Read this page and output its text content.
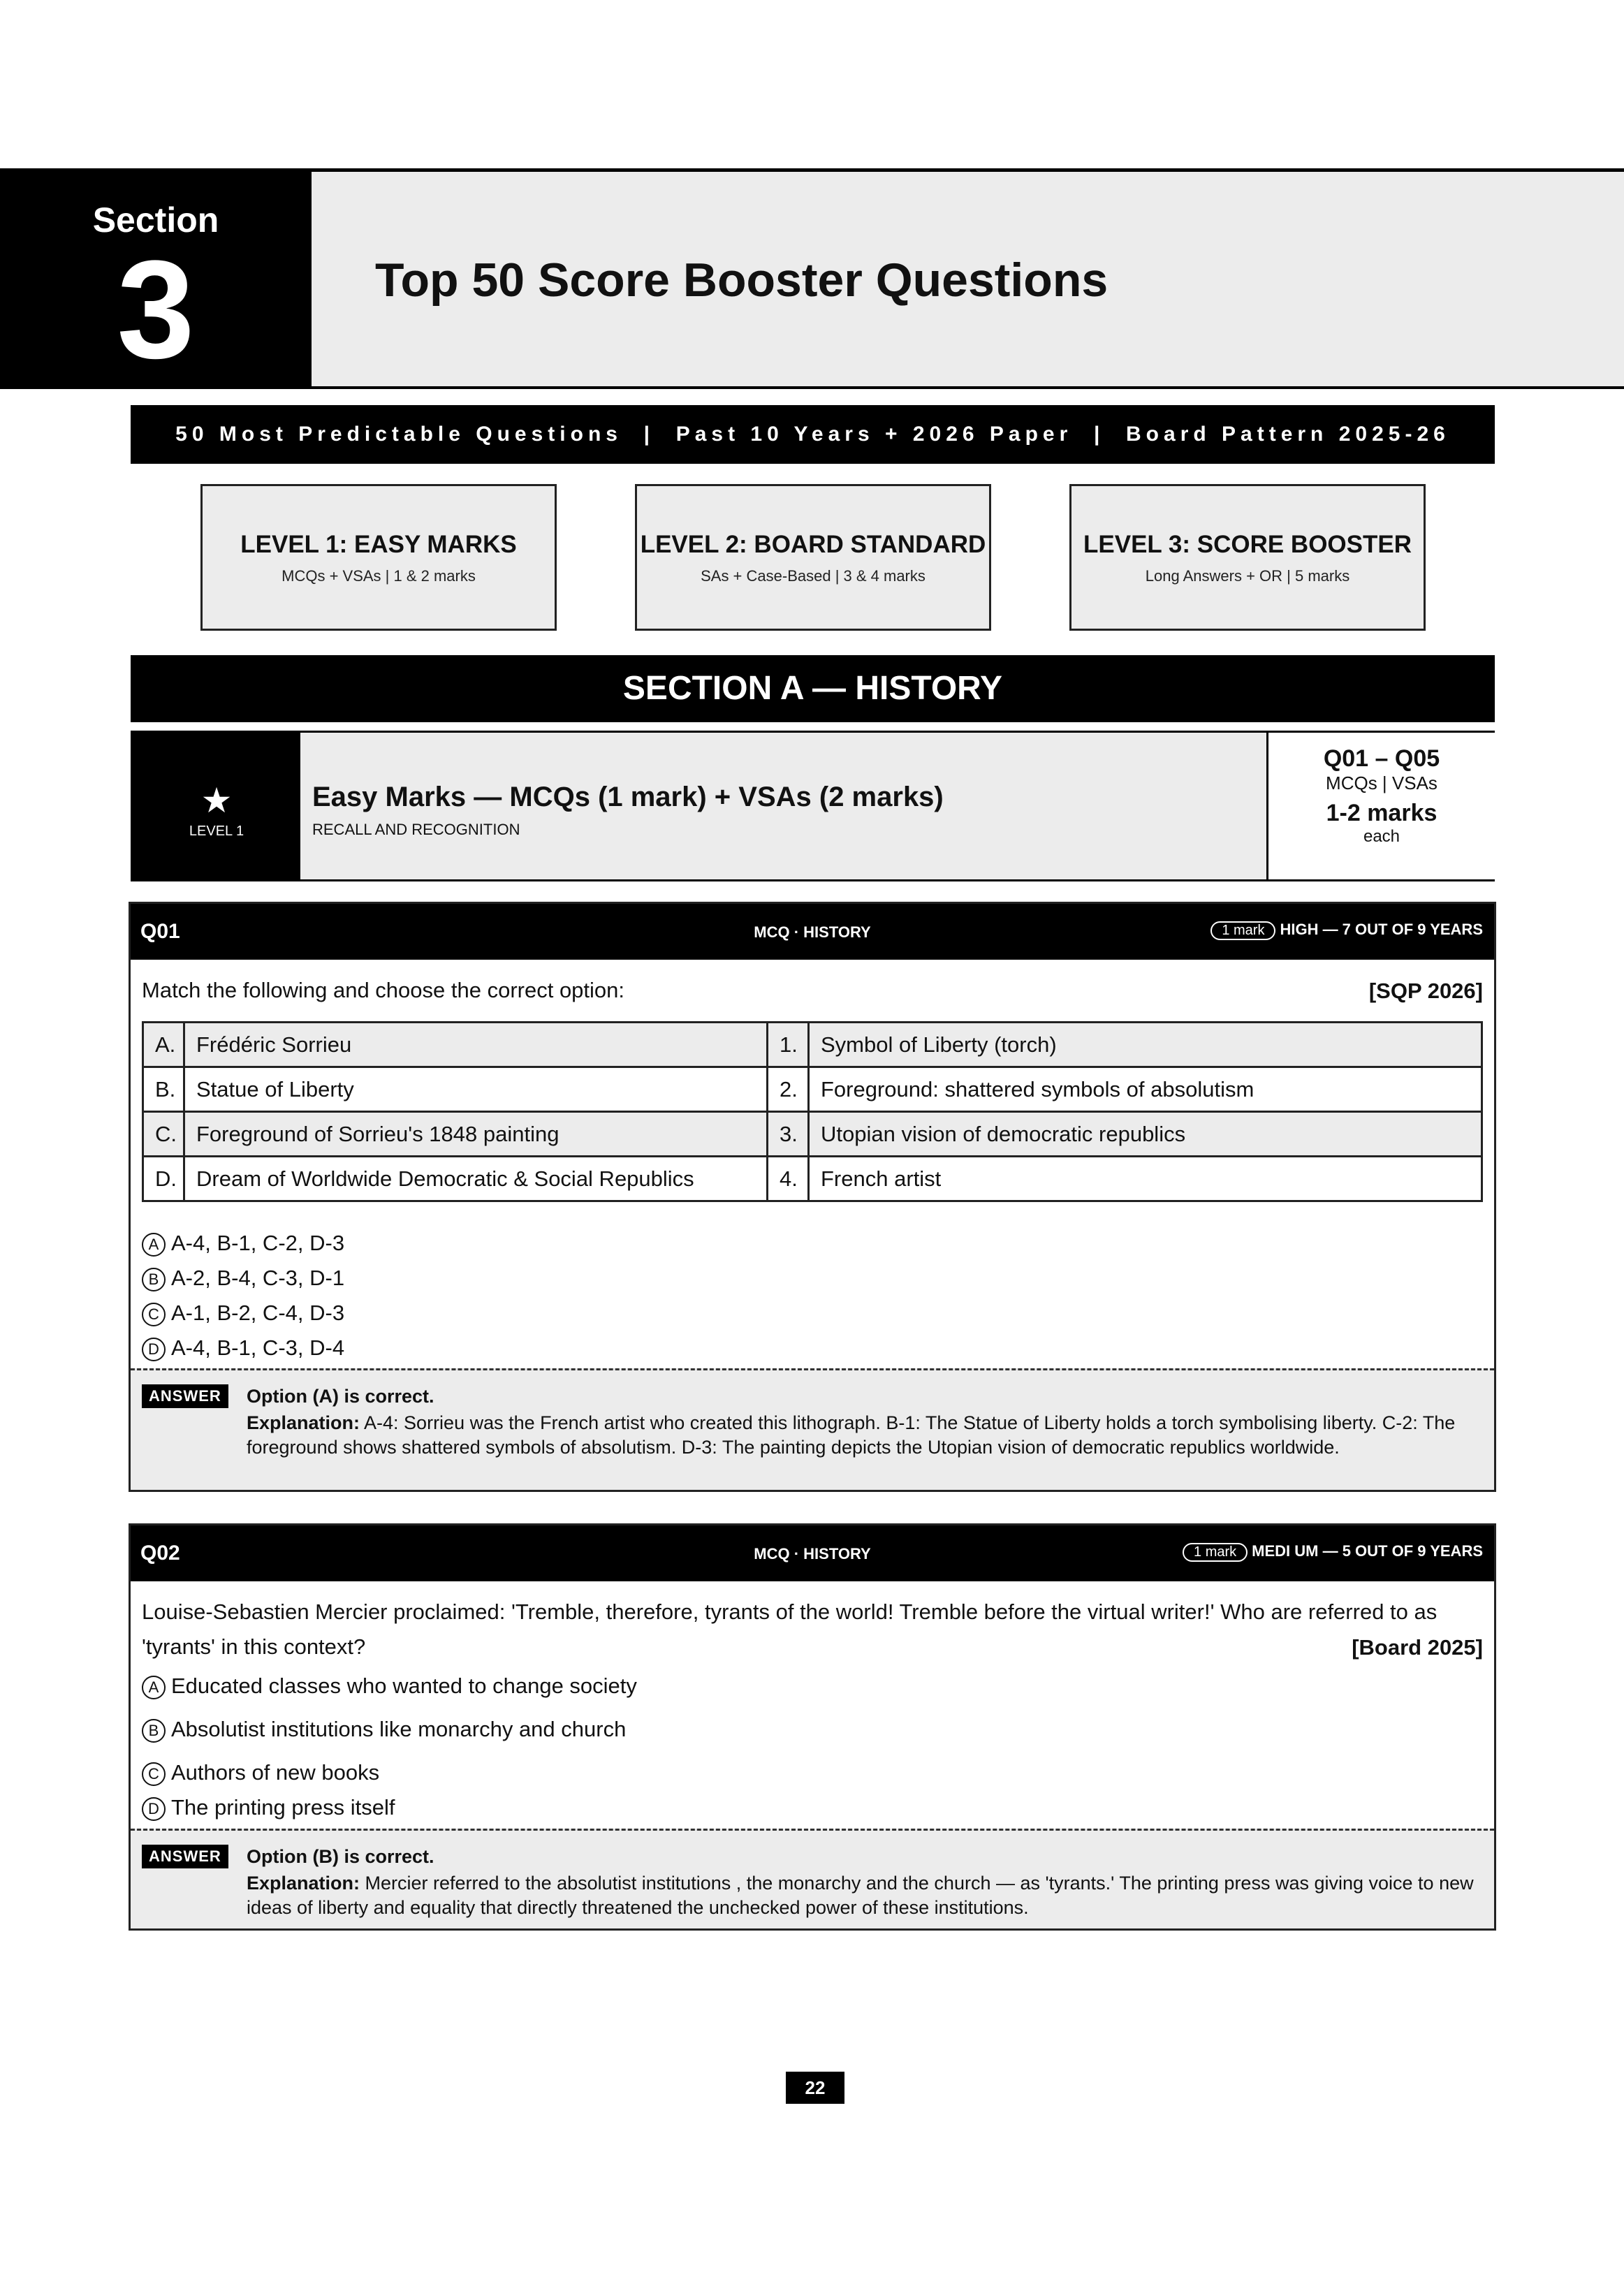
Section
3	Top 50 Score Booster Questions
50 Most Predictable Questions  |  Past 10 Years + 2026 Paper  |  Board Pattern 2025-26
LEVEL 1: EASY MARKS
MCQs + VSAs | 1 & 2 marks
LEVEL 2: BOARD STANDARD
SAs + Case-Based | 3 & 4 marks
LEVEL 3: SCORE BOOSTER
Long Answers + OR | 5 marks
SECTION A — HISTORY
★
LEVEL 1
Easy Marks — MCQs (1 mark) + VSAs (2 marks)
RECALL AND RECOGNITION
Q01 – Q05
MCQs | VSAs
1-2 marks
each
Q01	MCQ · HISTORY	1 mark HIGH — 7 OUT OF 9 YEARS
Match the following and choose the correct option:	[SQP 2026]
A.	Frédéric Sorrieu	1.	Symbol of Liberty (torch)
B.	Statue of Liberty	2.	Foreground: shattered symbols of absolutism
C.	Foreground of Sorrieu's 1848 painting	3.	Utopian vision of democratic republics
D.	Dream of Worldwide Democratic & Social Republics	4.	French artist
A A-4, B-1, C-2, D-3
B A-2, B-4, C-3, D-1
C A-1, B-2, C-4, D-3
D A-4, B-1, C-3, D-4
ANSWER	Option (A) is correct.
Explanation: A-4: Sorrieu was the French artist who created this lithograph. B-1: The Statue of Liberty holds a torch symbolising liberty. C-2: The foreground shows shattered symbols of absolutism. D-3: The painting depicts the Utopian vision of democratic republics worldwide.
Q02	MCQ · HISTORY	1 mark MEDI UM — 5 OUT OF 9 YEARS
Louise-Sebastien Mercier proclaimed: 'Tremble, therefore, tyrants of the world! Tremble before the virtual writer!' Who are referred to as 'tyrants' in this context?	[Board 2025]
A Educated classes who wanted to change society
B Absolutist institutions like monarchy and church
C Authors of new books
D The printing press itself
ANSWER	Option (B) is correct.
Explanation: Mercier referred to the absolutist institutions , the monarchy and the church — as 'tyrants.' The printing press was giving voice to new ideas of liberty and equality that directly threatened the unchecked power of these institutions.
22
